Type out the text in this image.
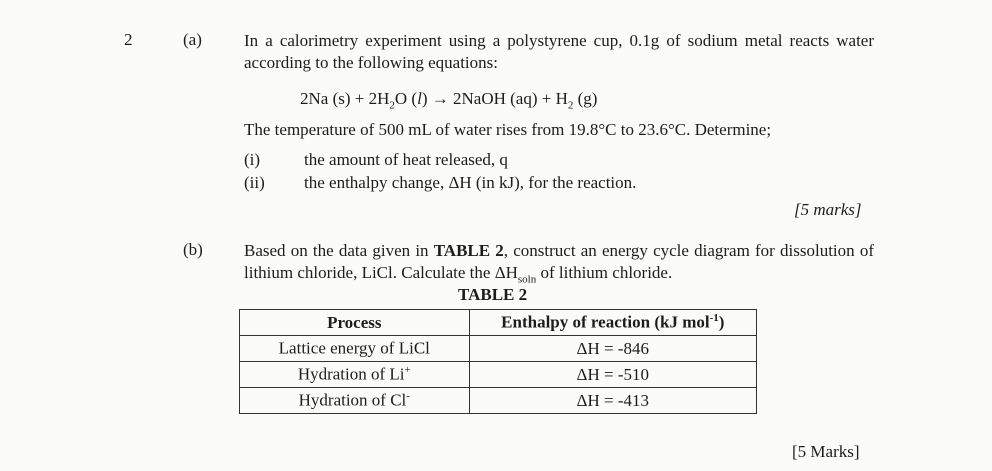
2	(a) In a calorimetry experiment using a polystyrene cup, 0.1g of sodium metal reacts water according to the following equations:
2Na $(s) + 2H_2O$ (l) → 2NaOH $(aq) + H_2$ (g)
The temperature of 500 mL of water rises from 19.8°C to 23.6°C. Determine;
(i)	the amount of heat released, q
(ii) the enthalpy change, ΔH (in kJ), for the reaction.
[5 marks]
(b) Based on the data given in TABLE 2, construct an energy cycle diagram for dissolution of lithium chloride, LiCl. Calculate the $\Delta H_{soln}$ of lithium chloride.
TABLE 2
Process	Enthalpy of reaction (kJ mol$^{-1}$)
Lattice energy of LiCl	ΔH = -846
Hydration of Li+	ΔH = -510
Hydration of Cl-	ΔH = -413
[5 Marks]
